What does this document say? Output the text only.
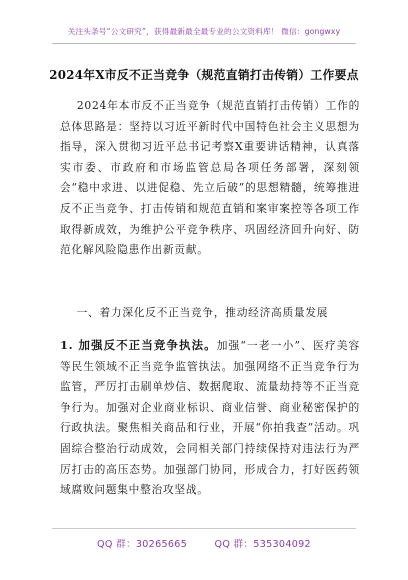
关注头条号“公文研究”，获得最新最全最专业的公文资料库！ 微信：gongwxy
2024年X市反不正当竞争（规范直销打击传销）工作要点

2024年本市反不正当竞争（规范直销打击传销）工作的总体思路是：坚持以习近平新时代中国特色社会主义思想为指导，深入贯彻习近平总书记考察X重要讲话精神，认真落实市委、市政府和市场监管总局各项任务部署，深刻领会“稳中求进、以进促稳、先立后破”的思想精髓，统筹推进反不正当竞争、打击传销和规范直销和案审案控等各项工作取得新成效，为维护公平竞争秩序、巩固经济回升向好、防范化解风险隐患作出新贡献。

一、着力深化反不正当竞争，推动经济高质量发展

1. 加强反不正当竞争执法。加强“一老一小”、医疗美容等民生领域不正当竞争监管执法。加强网络不正当竞争行为监管，严厉打击刷单炒信、数据爬取、流量劫持等不正当竞争行为。加强对企业商业标识、商业信誉、商业秘密保护的行政执法。聚焦相关商品和行业，开展“你拍我查”活动。巩固综合整治行动成效，会同相关部门持续保持对违法行为严厉打击的高压态势。加强部门协同，形成合力，打好医药领域腐败问题集中整治攻坚战。

QQ 群：30265665	QQ 群：535304092
